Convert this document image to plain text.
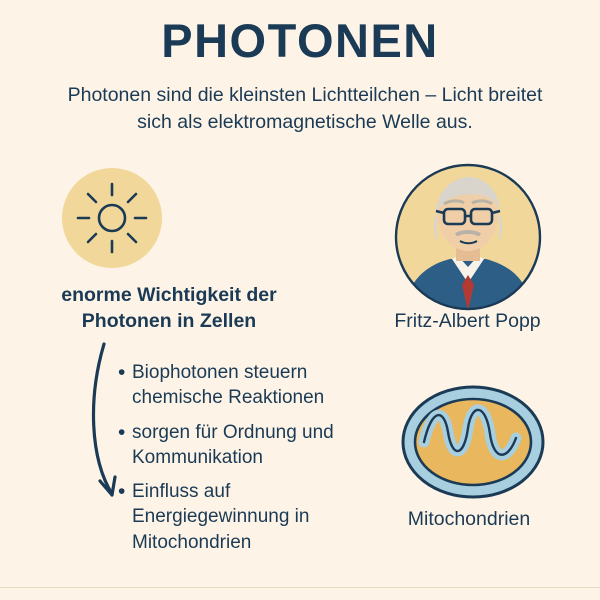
PHOTONEN
Photonen sind die kleinsten Lichtteilchen – Licht breitet sich als elektromagnetische Welle aus.
enorme Wichtigkeit der Photonen in Zellen
• Biophotonen steuern chemische Reaktionen
• sorgen für Ordnung und Kommunikation
• Einfluss auf Energiegewinnung in Mitochondrien
Fritz-Albert Popp
Mitochondrien
